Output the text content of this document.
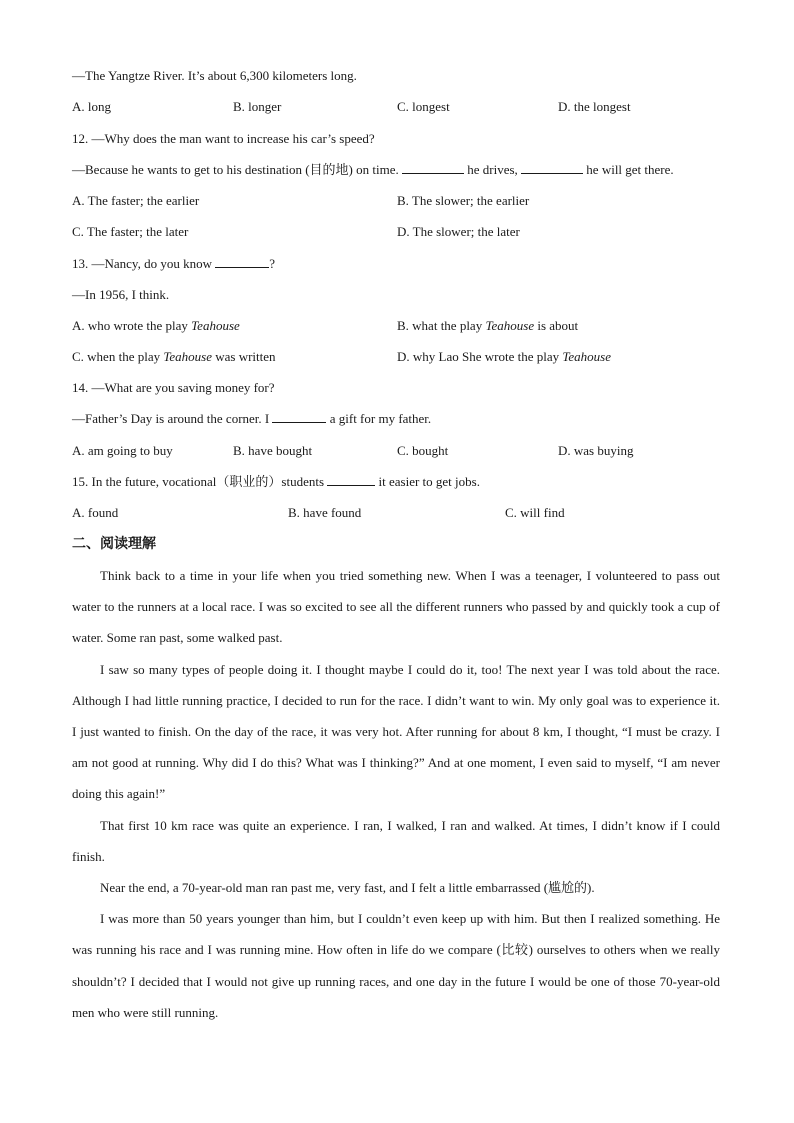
—The Yangtze River. It’s about 6,300 kilometers long.
A. long	B. longer	C. longest	D. the longest
12. —Why does the man want to increase his car’s speed?
—Because he wants to get to his destination (目的地) on time.	he drives,	he will get there.
A. The faster; the earlier	B. The slower; the earlier
C. The faster; the later	D. The slower; the later
13. —Nancy, do you know	?
—In 1956, I think.
A. who wrote the play Teahouse	B. what the play Teahouse is about
C. when the play Teahouse was written	D. why Lao She wrote the play Teahouse
14. —What are you saving money for?
—Father’s Day is around the corner. I	a gift for my father.
A. am going to buy	B. have bought	C. bought	D. was buying
15. In the future, vocational（职业的）students	it easier to get jobs.
A. found	B. have found	C. will find
二、阅读理解

Think back to a time in your life when you tried something new. When I was a teenager, I volunteered to pass out water to the runners at a local race. I was so excited to see all the different runners who passed by and quickly took a cup of water. Some ran past, some walked past.

I saw so many types of people doing it. I thought maybe I could do it, too! The next year I was told about the race. Although I had little running practice, I decided to run for the race. I didn’t want to win. My only goal was to experience it. I just wanted to finish. On the day of the race, it was very hot. After running for about 8 km, I thought, “I must be crazy. I am not good at running. Why did I do this? What was I thinking?” And at one moment, I even said to myself, “I am never doing this again!”

That first 10 km race was quite an experience. I ran, I walked, I ran and walked. At times, I didn’t know if I could finish.

Near the end, a 70-year-old man ran past me, very fast, and I felt a little embarrassed (尴尬的).

I was more than 50 years younger than him, but I couldn’t even keep up with him. But then I realized something. He was running his race and I was running mine. How often in life do we compare (比较) ourselves to others when we really shouldn’t? I decided that I would not give up running races, and one day in the future I would be one of those 70-year-old men who were still running.
